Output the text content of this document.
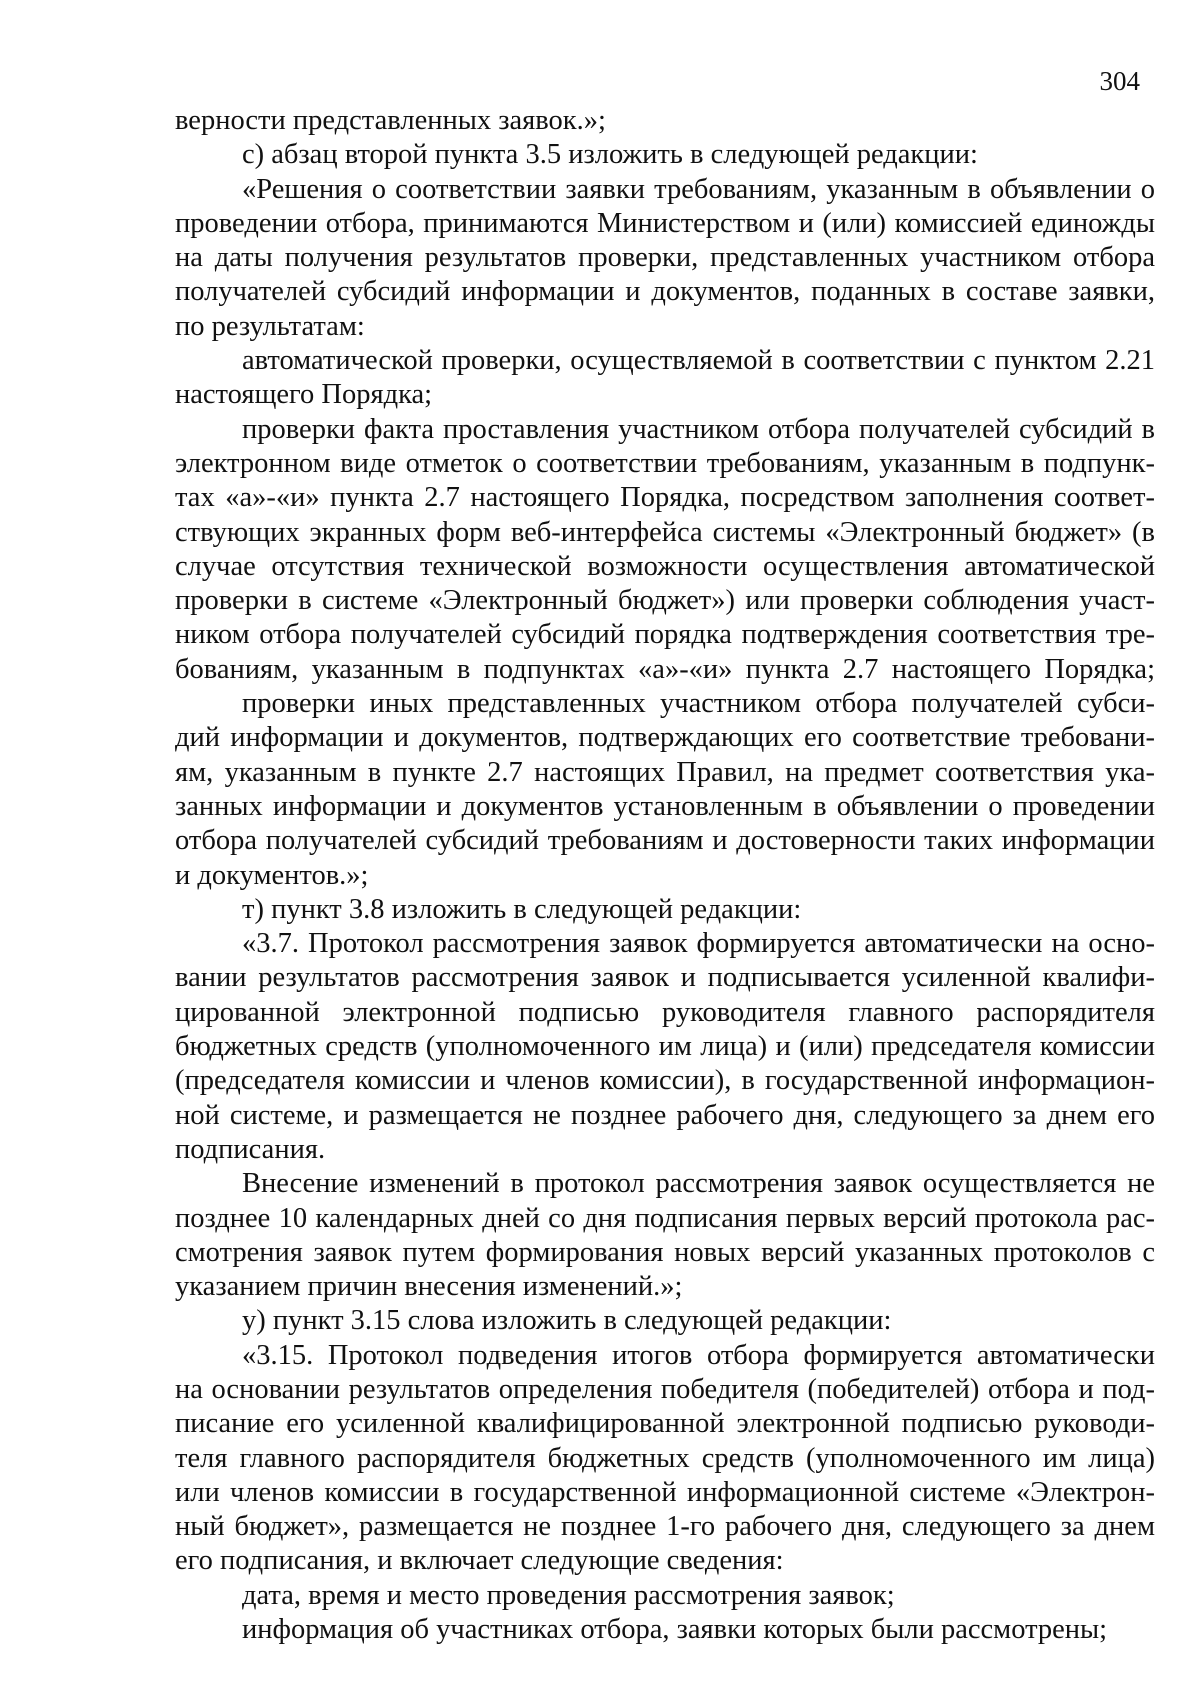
304
верности представленных заявок.»;
с) абзац второй пункта 3.5 изложить в следующей редакции:
«Решения о соответствии заявки требованиям, указанным в объявлении о
проведении отбора, принимаются Министерством и (или) комиссией единожды
на даты получения результатов проверки, представленных участником отбора
получателей субсидий информации и документов, поданных в составе заявки,
по результатам:
автоматической проверки, осуществляемой в соответствии с пунктом 2.21
настоящего Порядка;
проверки факта проставления участником отбора получателей субсидий в
электронном виде отметок о соответствии требованиям, указанным в подпунк-
тах «а»-«и» пункта 2.7 настоящего Порядка, посредством заполнения соответ-
ствующих экранных форм веб-интерфейса системы «Электронный бюджет» (в
случае отсутствия технической возможности осуществления автоматической
проверки в системе «Электронный бюджет») или проверки соблюдения участ-
ником отбора получателей субсидий порядка подтверждения соответствия тре-
бованиям, указанным в подпунктах «а»-«и» пункта 2.7 настоящего Порядка;
проверки иных представленных участником отбора получателей субси-
дий информации и документов, подтверждающих его соответствие требовани-
ям, указанным в пункте 2.7 настоящих Правил, на предмет соответствия ука-
занных информации и документов установленным в объявлении о проведении
отбора получателей субсидий требованиям и достоверности таких информации
и документов.»;
т) пункт 3.8 изложить в следующей редакции:
«3.7. Протокол рассмотрения заявок формируется автоматически на осно-
вании результатов рассмотрения заявок и подписывается усиленной квалифи-
цированной электронной подписью руководителя главного распорядителя
бюджетных средств (уполномоченного им лица) и (или) председателя комиссии
(председателя комиссии и членов комиссии), в государственной информацион-
ной системе, и размещается не позднее рабочего дня, следующего за днем его
подписания.
Внесение изменений в протокол рассмотрения заявок осуществляется не
позднее 10 календарных дней со дня подписания первых версий протокола рас-
смотрения заявок путем формирования новых версий указанных протоколов с
указанием причин внесения изменений.»;
у) пункт 3.15 слова изложить в следующей редакции:
«3.15. Протокол подведения итогов отбора формируется автоматически
на основании результатов определения победителя (победителей) отбора и под-
писание его усиленной квалифицированной электронной подписью руководи-
теля главного распорядителя бюджетных средств (уполномоченного им лица)
или членов комиссии в государственной информационной системе «Электрон-
ный бюджет», размещается не позднее 1-го рабочего дня, следующего за днем
его подписания, и включает следующие сведения:
дата, время и место проведения рассмотрения заявок;
информация об участниках отбора, заявки которых были рассмотрены;
